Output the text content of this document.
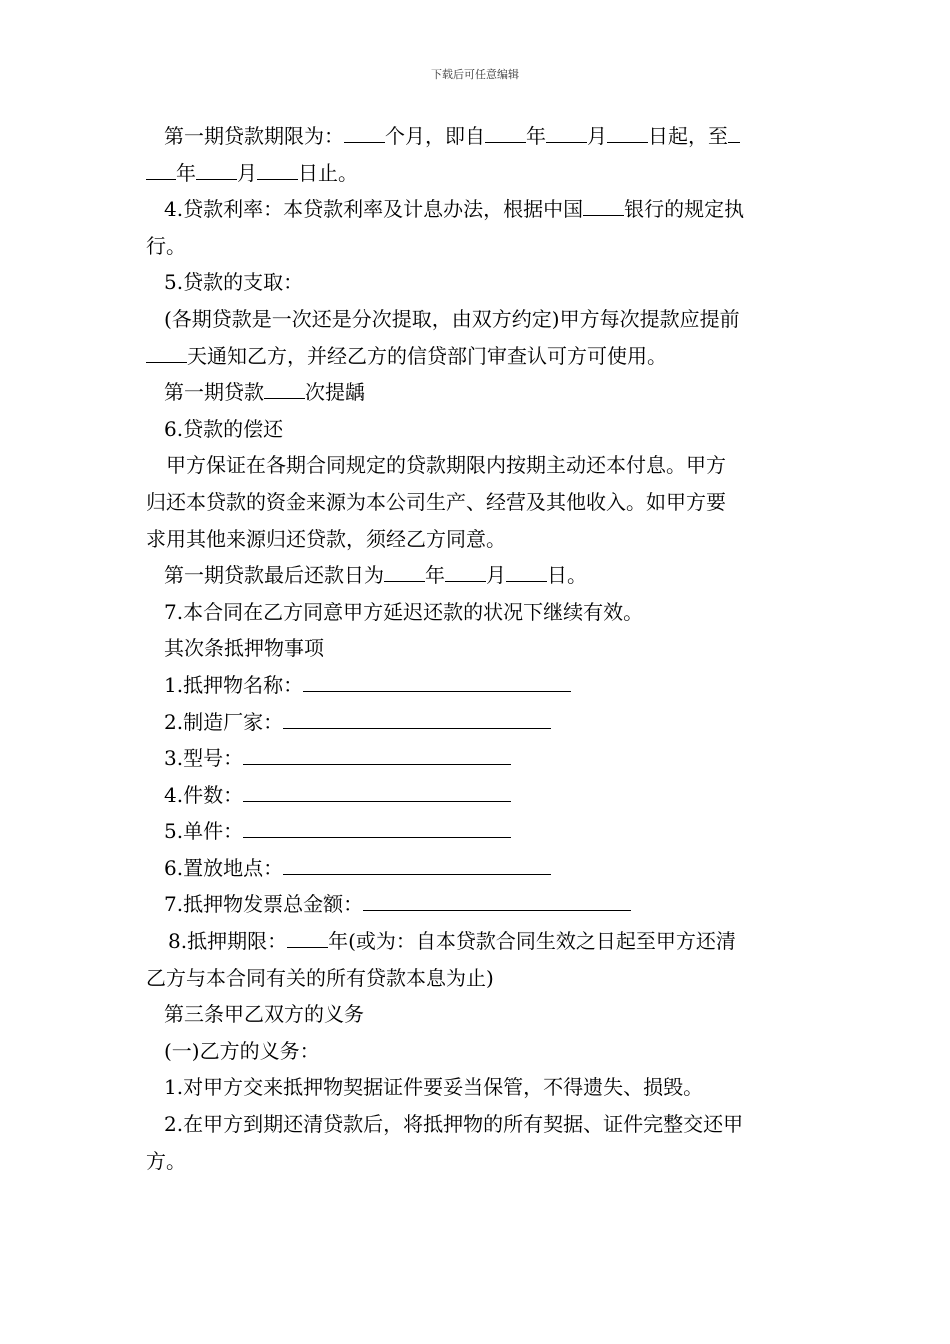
下载后可任意编辑
第一期贷款期限为： 个月，即自 年 月 日起，至
年 月 日止。
4.贷款利率：本贷款利率及计息办法，根据中国 银行的规定执
行。
5.贷款的支取：
(各期贷款是一次还是分次提取，由双方约定)甲方每次提款应提前
天通知乙方，并经乙方的信贷部门审查认可方可使用。
第一期贷款 次提龋
6.贷款的偿还
甲方保证在各期合同规定的贷款期限内按期主动还本付息。甲方
归还本贷款的资金来源为本公司生产、经营及其他收入。如甲方要
求用其他来源归还贷款，须经乙方同意。
第一期贷款最后还款日为 年 月 日。
7.本合同在乙方同意甲方延迟还款的状况下继续有效。
其次条抵押物事项
1.抵押物名称：
2.制造厂家：
3.型号：
4.件数：
5.单件：
6.置放地点：
7.抵押物发票总金额：
8.抵押期限： 年(或为：自本贷款合同生效之日起至甲方还清
乙方与本合同有关的所有贷款本息为止)
第三条甲乙双方的义务
(一)乙方的义务：
1.对甲方交来抵押物契据证件要妥当保管，不得遗失、损毁。
2.在甲方到期还清贷款后，将抵押物的所有契据、证件完整交还甲
方。
